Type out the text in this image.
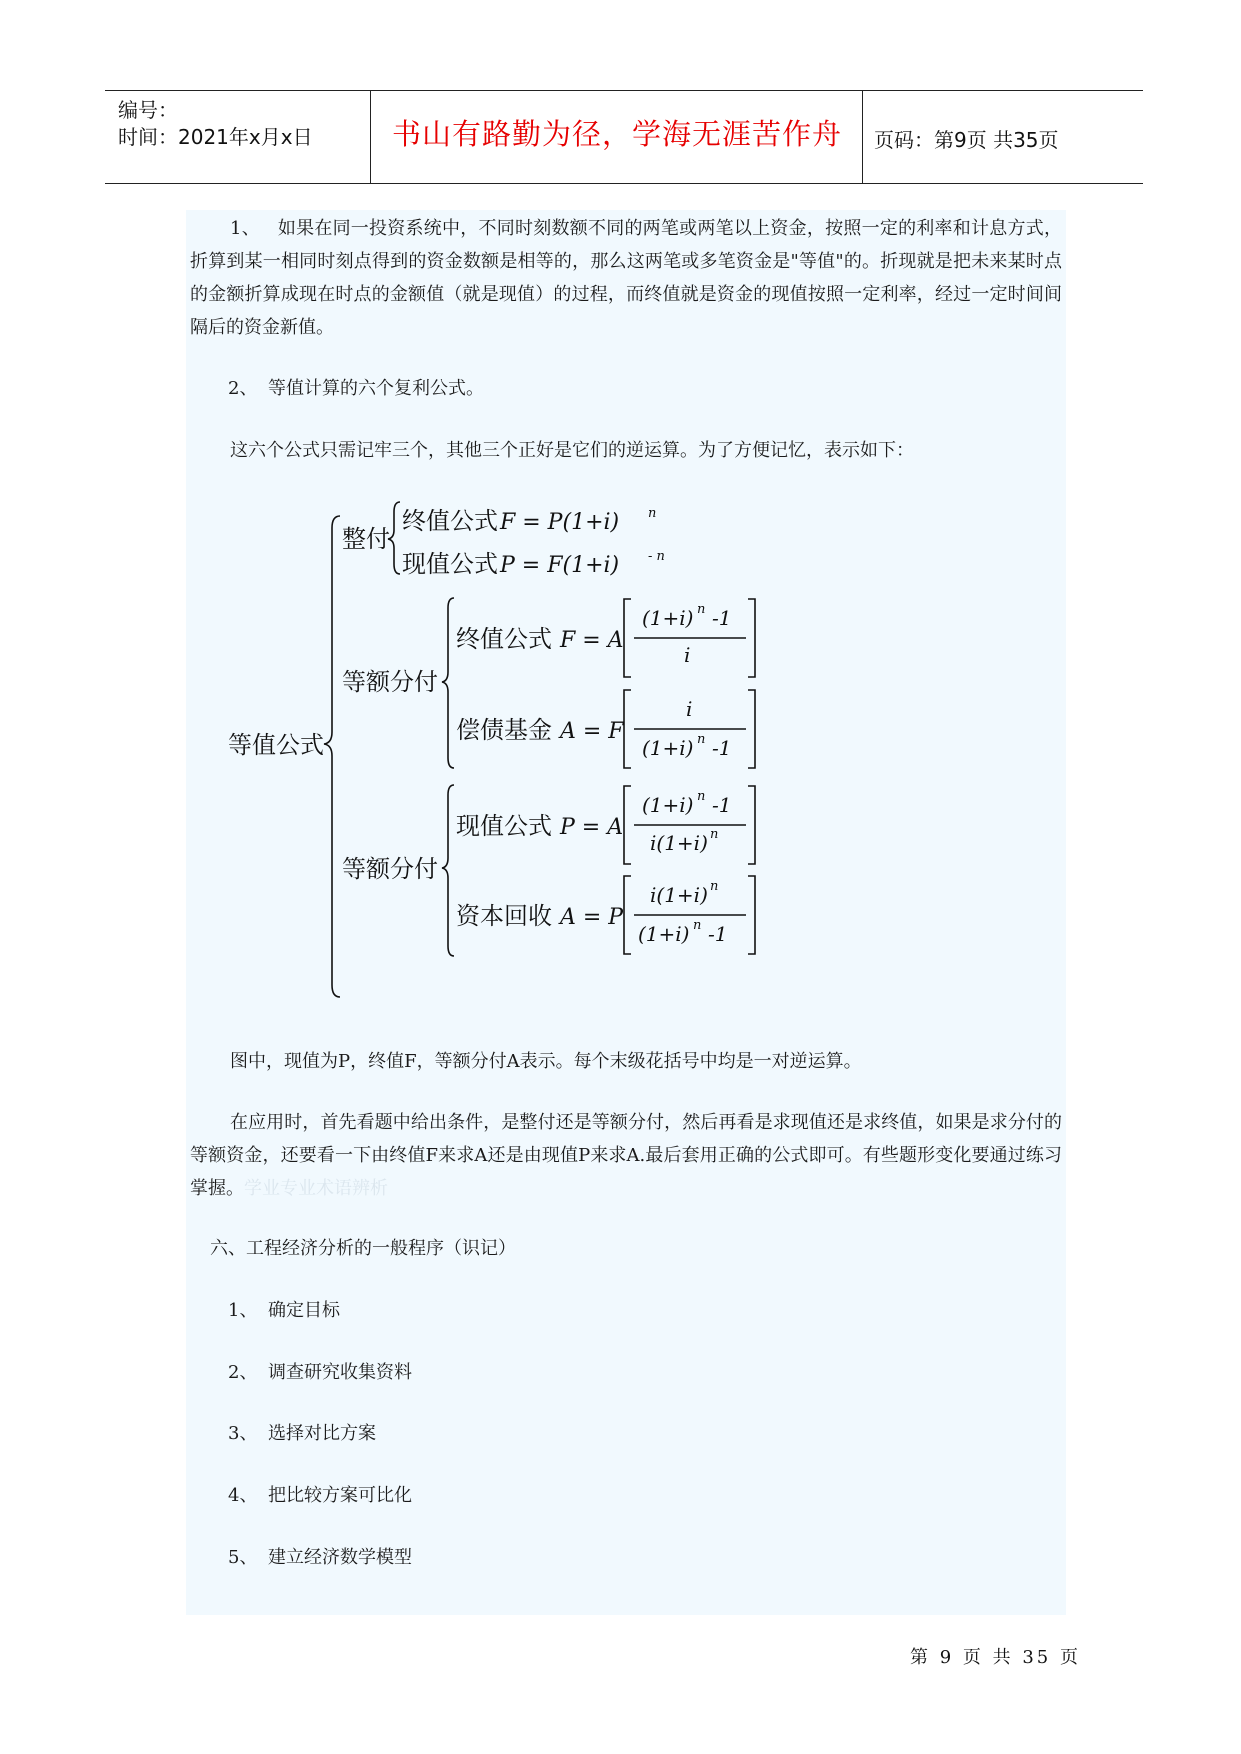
编号：
时间：2021年x月x日	书山有路勤为径，学海无涯苦作舟	页码：第9页 共35页
1、 如果在同一投资系统中，不同时刻数额不同的两笔或两笔以上资金，按照一定的利率和计息方式，折算到某一相同时刻点得到的资金数额是相等的，那么这两笔或多笔资金是"等值"的。折现就是把未来某时点的金额折算成现在时点的金额值（就是现值）的过程，而终值就是资金的现值按照一定利率，经过一定时间间隔后的资金新值。
2、 等值计算的六个复利公式。
这六个公式只需记牢三个，其他三个正好是它们的逆运算。为了方便记忆，表示如下：
等值公式
整付
等额分付
等额分付
终值公式
现值公式
终值公式
偿债基金
现值公式
资本回收
F = P(1+i) n
P = F(1+i) - n
F = A
(1+i) n -1
i
A = F
i
(1+i) n -1
P = A
(1+i) n -1
i(1+i) n
A = P
i(1+i) n
(1+i) n -1
图中，现值为P，终值F，等额分付A表示。每个末级花括号中均是一对逆运算。
在应用时，首先看题中给出条件，是整付还是等额分付，然后再看是求现值还是求终值，如果是求分付的等额资金，还要看一下由终值F来求A还是由现值P来求A.最后套用正确的公式即可。有些题形变化要通过练习掌握。学业专业术语辨析
六、工程经济分析的一般程序（识记）
1、 确定目标
2、 调查研究收集资料
3、 选择对比方案
4、 把比较方案可比化
5、 建立经济数学模型
第 9 页 共 35 页
